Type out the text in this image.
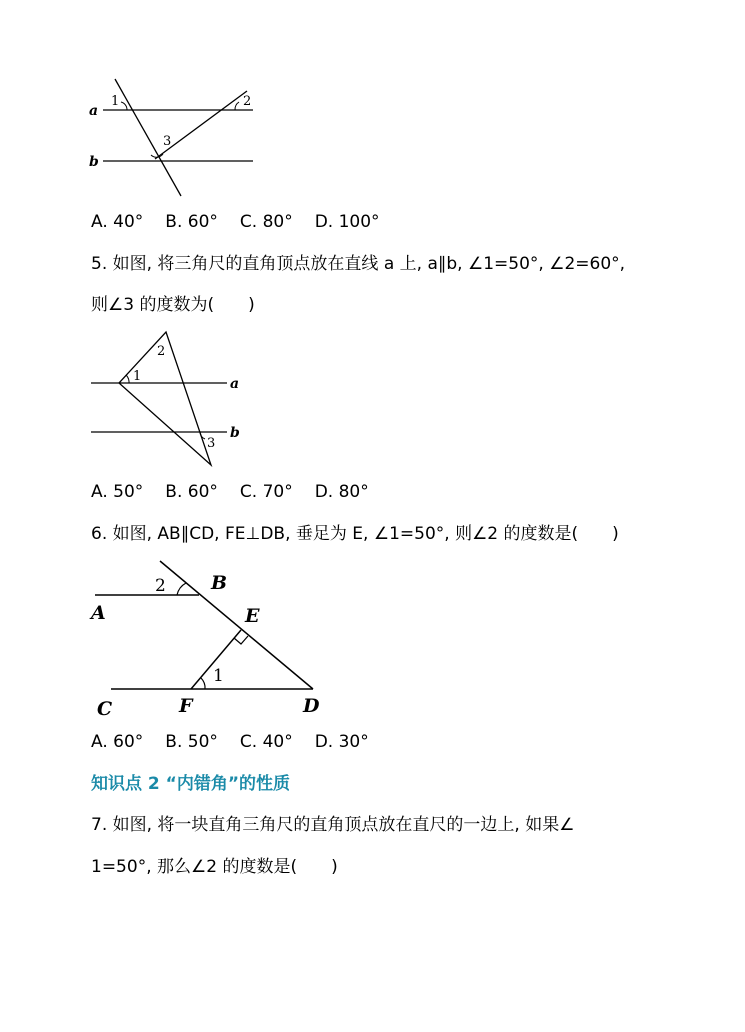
a
b
1	2
3
A. 40° B. 60° C. 80° D. 100°
5. 如图, 将三角尺的直角顶点放在直线 a 上, a∥b, ∠1=50°, ∠2=60°,
则∠3 的度数为(　　)
a
b
1
2
3
A. 50° B. 60° C. 70° D. 80°
6. 如图, AB∥CD, FE⊥DB, 垂足为 E, ∠1=50°, 则∠2 的度数是(　　)
A
B
C	D
E
F
1
2
A. 60° B. 50° C. 40° D. 30°
知识点 2 “内错角”的性质
7. 如图, 将一块直角三角尺的直角顶点放在直尺的一边上, 如果∠
1=50°, 那么∠2 的度数是(　　)
